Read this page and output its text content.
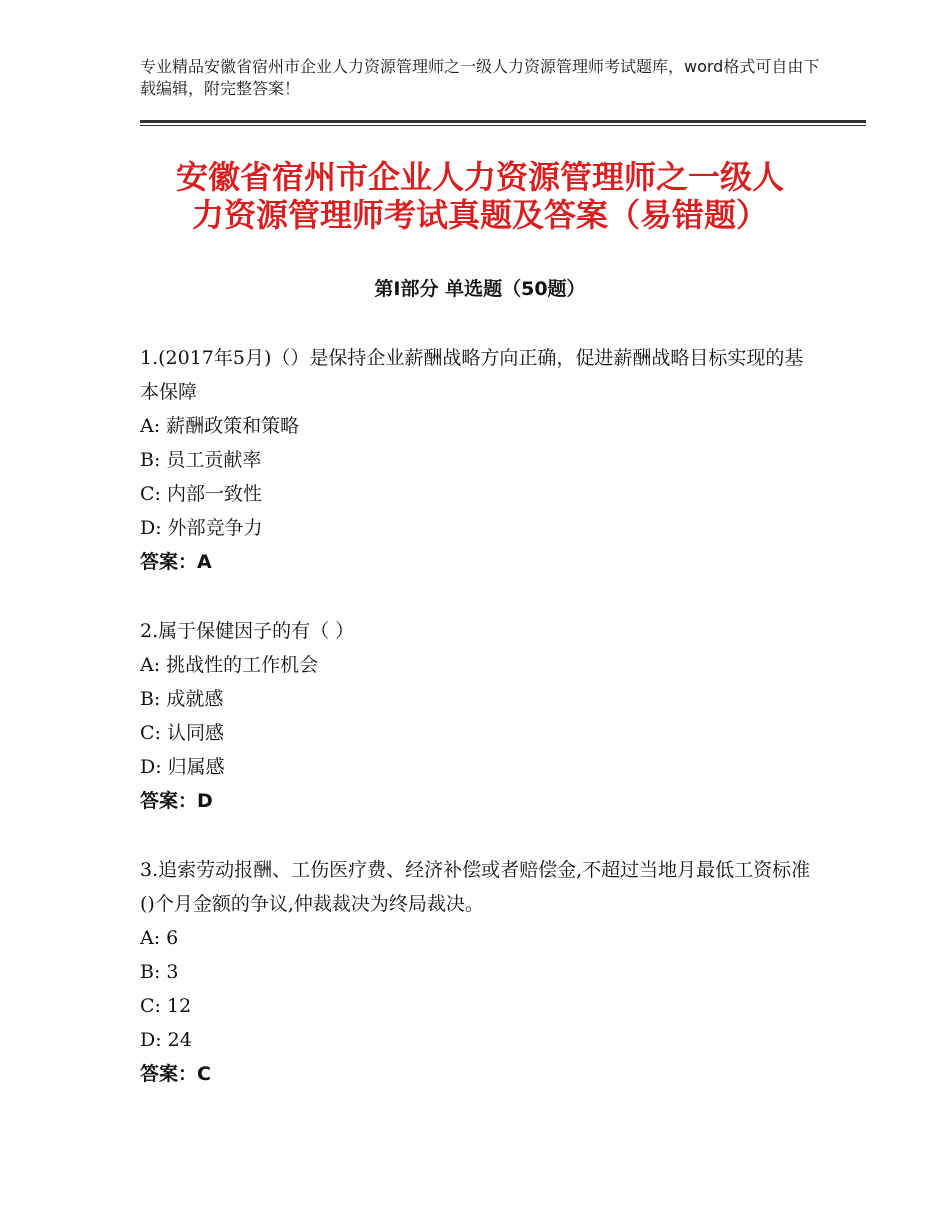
专业精品安徽省宿州市企业人力资源管理师之一级人力资源管理师考试题库，word格式可自由下载编辑，附完整答案！
安徽省宿州市企业人力资源管理师之一级人
力资源管理师考试真题及答案（易错题）
第Ⅰ部分 单选题（50题）
1.(2017年5月)（）是保持企业薪酬战略方向正确，促进薪酬战略目标实现的基本保障
A: 薪酬政策和策略
B: 员工贡献率
C: 内部一致性
D: 外部竞争力
答案：A
2.属于保健因子的有（ ）
A: 挑战性的工作机会
B: 成就感
C: 认同感
D: 归属感
答案：D
3.追索劳动报酬、工伤医疗费、经济补偿或者赔偿金,不超过当地月最低工资标准()个月金额的争议,仲裁裁决为终局裁决。
A: 6
B: 3
C: 12
D: 24
答案：C
